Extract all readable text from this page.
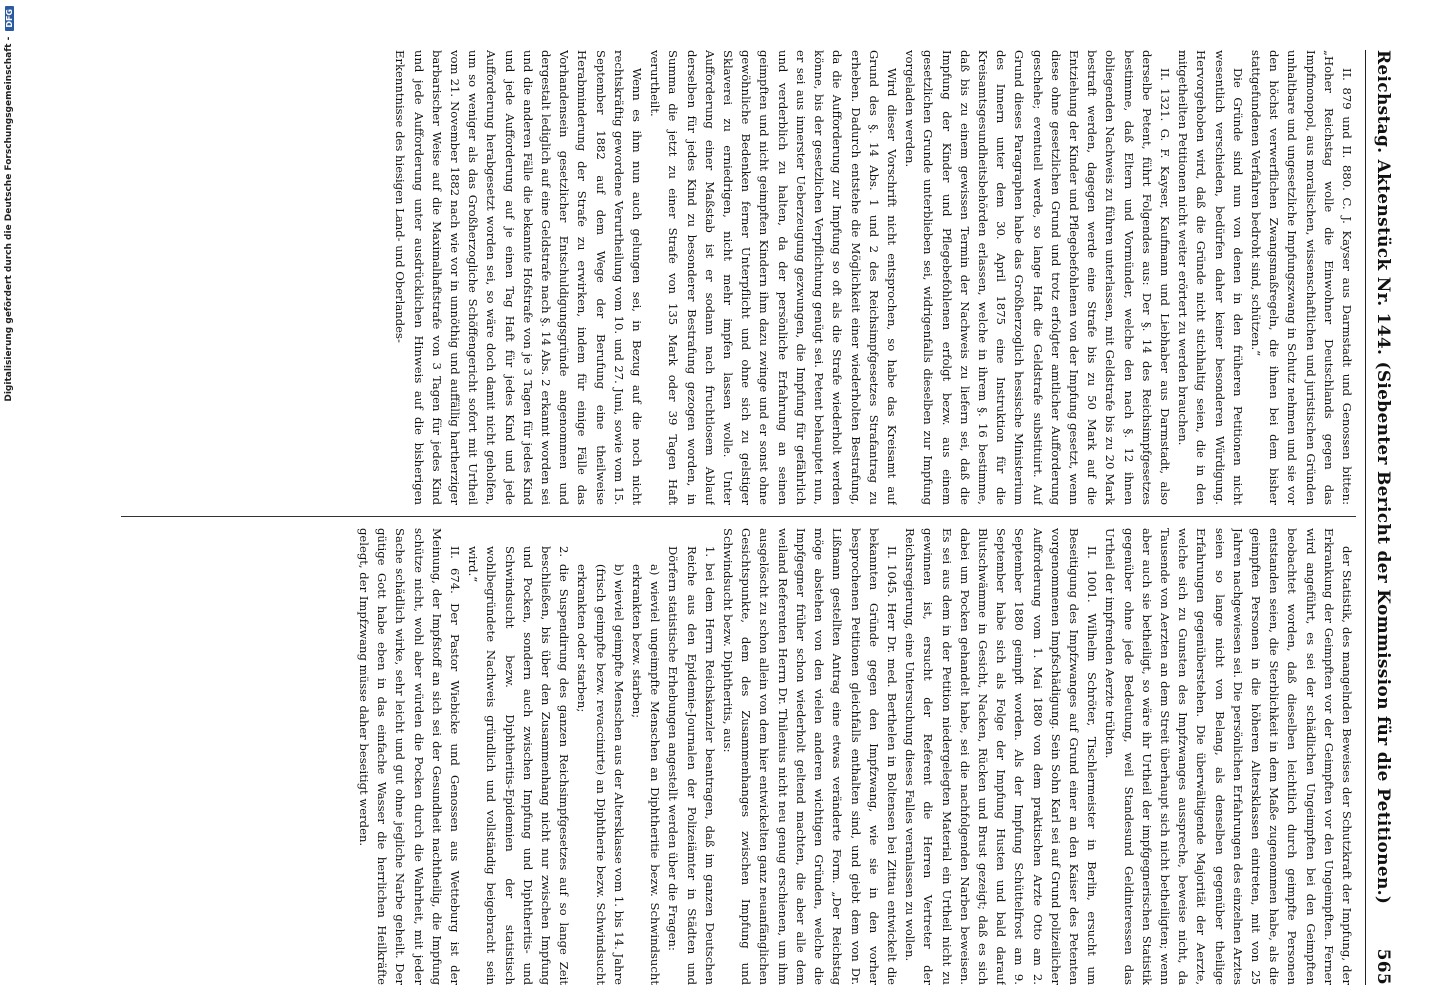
Reichstag. Aktenstück Nr. 144. (Siebenter Bericht der Kommission für die Petitionen.)
565

II. 879 und II. 880. C. J. Kayser aus Darmstadt und Genossen bitten: „Hoher Reichstag wolle die Einwohner Deutschlands gegen das Impfmonopol, aus moralischen, wissenschaftlichen und juristischen Gründen unhaltbare und ungesetzliche Impfungszwang in Schutz nehmen und sie vor den höchst verwerflichen Zwangsmaßregeln, die ihnen bei dem bisher stattgefundenen Verfahren bedroht sind, schützen.“

Die Gründe sind nun von denen in den früheren Petitionen nicht wesentlich verschieden, bedürfen daher keiner besonderen Würdigung. Hervorgehoben wird, daß die Gründe nicht stichhaltig seien, die in den mitgetheilten Petitionen nicht weiter erörtert zu werden brauchen.

II. 1321. G. F. Kayser, Kaufmann und Liebhaber aus Darmstadt, also derselbe Petent, führt Folgendes aus: Der §. 14 des Reichsimpfgesetzes bestimme, daß Eltern und Vormünder, welche den nach §. 12 ihnen obliegenden Nachweis zu führen unterlassen, mit Geldstrafe bis zu 20 Mark bestraft werden, dagegen werde eine Strafe bis zu 50 Mark auf die Entziehung der Kinder und Pflegebefohlenen von der Impfung gesetzt, wenn diese ohne gesetzlichen Grund und trotz erfolgter amtlicher Aufforderung geschehe; eventuell werde, so lange Haft die Geldstrafe substituirt. Auf Grund dieses Paragraphen habe das Großherzoglich hessische Ministerium des Innern unter dem 30. April 1875 eine Instruktion für die Kreisamtsgesundheitsbehörden erlassen, welche in ihrem §. 16 bestimme, daß bis zu einem gewissen Termin der Nachweis zu liefern sei, daß die Impfung der Kinder und Pflegebefohlenen erfolgt bezw. aus einem gesetzlichen Grunde unterblieben sei, widrigenfalls dieselben zur Impfung vorgeladen werden.

Wird dieser Vorschrift nicht entsprochen, so habe das Kreisamt auf Grund des §. 14 Abs. 1 und 2 des Reichsimpfgesetzes Strafantrag zu erheben. Dadurch entstehe die Möglichkeit einer wiederholten Bestrafung, da die Aufforderung zur Impfung so oft als die Strafe wiederholt werden könne, bis der gesetzlichen Verpflichtung genügt sei. Petent behauptet nun, er sei aus innerster Ueberzeugung gezwungen, die Impfung für gefährlich und verderblich zu halten, da der persönliche Erfahrung an seinen geimpften und nicht geimpften Kindern ihm dazu zwinge und er sonst ohne gewöhnliche Bedenken ferner Unterpflicht und ohne sich zu gelstiger Sklaverei zu erniedrigen, nicht mehr impfen lassen wolle. Unter Aufforderung einer Maßstab ist er sodann nach fruchtlosem Ablauf derselben für jedes Kind zu besonderer Bestrafung gezogen worden, in Summa die jetzt zu einer Strafe von 135 Mark oder 39 Tagen Haft verurtheilt.

Wenn es ihm nun auch gelungen sei, in Bezug auf die noch nicht rechtskräftig gewordene Verurtheilung vom 10. und 27. Juni, sowie vom 15. September 1882 auf dem Wege der Berufung eine theilweise Herabminderung der Strafe zu erwirken, indem für einige Fälle das Vorhandensein gesetzlicher Entschuldigungsgründe angenommen und dergestalt lediglich auf eine Geldstrafe nach §. 14 Abs. 2 erkannt worden sei und die anderen Fälle die bekannte Hofstrafe von je 3 Tagen für jedes Kind und jede Aufforderung auf je einen Tag Haft für jedes Kind und jede Aufforderung herabgesetzt worden sei, so wäre doch damit nicht geholfen, um so weniger als das Großherzogliche Schöffengericht sofort mit Urtheil vom 21. November 1882 nach wie vor in unnöthig und auffällig hartherziger barbarischer Weise auf die Maximalhaftstrafe von 3 Tagen für jedes Kind und jede Aufforderung unter ausdrücklichen Hinweis auf die bisherigen Erkenntnisse des hiesigen Land- und Oberlandes-

der Statistik, des mangelnden Beweises der Schutzkraft der Impfung, der Erkrankung der Geimpften vor der Geimpften vor den Ungeimpften. Ferner wird angeführt, es sei der schädlichen Ungeimpften bei den Geimpften beobachtet worden, daß dieselben leichtlich durch geimpfte Personen entstanden seien, die Sterblichkeit in dem Maße zugenommen habe, als die geimpften Personen in die höheren Altersklassen eintreten, mit von 25 Jahren nachgewiesen sei. Die persönlichen Erfahrungen des einzelnen Arztes seien so lange nicht von Belang, als denselben gegenüber theilige Erfahrungen gegenüberstehen. Die überwältigende Majorität der Aerzte, welche sich zu Gunsten des Impfzwanges ausspreche, beweise nicht, da Tausende von Aerzten an dem Streit überhaupt sich nicht betheiligten; wenn aber auch sie betheiligt, so wäre ihr Urtheil der impfgegnerischen Statistik gegenüber ohne jede Bedeutung, weil Standesund Geldinteressen das Urtheil der impfrenden Aerzte trübten.

II. 1001. Wilhelm Schröter, Tischlermeister in Berlin, ersucht um Beseitigung des Impfzwanges auf Grund einer an den Kaiser des Petenten vorgenommenen Impfschädigung. Sein Sohn Karl sei auf Grund polizeilicher Aufforderung vom 1. Mai 1880 von dem praktischen Arzte Otto am 2. September 1880 geimpft worden. Als der Impfung Schüttelfrost am 9. September habe sich als Folge der Impfung Husten und bald darauf Blutschwämme in Gesicht, Nacken, Rücken und Brust gezeigt; daß es sich dabei um Pocken gehandelt habe, sei die nachfolgenden Narben beweisen. Es sei aus dem in der Petition niedergelegten Material ein Urtheil nicht zu gewinnen ist, ersucht der Referent die Herren Vertreter der Reichsregierung, eine Untersuchung dieses Falles veranlassen zu wollen.

II. 1045. Herr Dr. med. Berthelen in Boltensen bei Zittau entwickelt die bekannten Gründe gegen den Impfzwang, wie sie in den vorher besprochenen Petitionen gleichfalls enthalten sind, und giebt dem von Dr. Lißmann gestellten Antrag eine etwas veränderte Form. „Der Reichstag möge abstehen von den vielen anderen wichtigen Gründen, welche die Impfgegner früher schon wiederholt geltend machten, die aber alle dem weiland Referenten Herrn Dr. Thilenius nicht neu genug erschienen, um ihm ausgelöscht zu schon allein von dem hier entwickelten ganz neuanfänglichen Gesichtspunkte, dem des Zusammenhanges zwischen Impfung und Schwindsucht bezw. Diphtheritis, aus:

1. bei dem Herrn Reichskanzler beantragen, daß im ganzen Deutschen Reiche aus den Epidemie-Journalen der Polizeiämter in Städten und Dörfern statistische Erhebungen angestellt werden über die Fragen:

a) wieviel ungeimpfte Menschen an Diphtheritie bezw. Schwindsucht erkrankten bezw. starben;

b) wieviel geimpfte Menschen aus der Altersklasse vom 1. bis 14. Jahre (frisch geimpfte bezw. revaccinirte) an Diphtherie bezw. Schwindsucht erkrankten oder starben;

2. die Suspendirung des ganzen Reichsimpfgesetzes auf so lange Zeit beschließen, bis über den Zusammenhang nicht nur zwischen Impfung und Pocken, sondern auch zwischen Impfung und Diphtheritis- und Schwindsucht bezw. Diphtheritis-Epidemien der statistisch wohlbegründete Nachweis gründlich und vollständig beigebracht sein wird.“

II. 674. Der Pastor Wiebicke und Genossen aus Wetteburg ist der Meinung, der Impfstoff an sich sei der Gesundheit nachtheilig, die Impfung schütze nicht, wohl aber würden die Pocken durch die Wahrheit, mit jeder Sache schädlich wirke, sehr leicht und gut ohne jegliche Narbe geheilt. Der gütige Gott habe eben in das einfache Wasser die herrlichen Heilkräfte gelegt, der Impfzwang müsse daher beseitigt werden.

Digitalisierung gefördert durch die Deutsche Forschungsgemeinschaft -
DFG
